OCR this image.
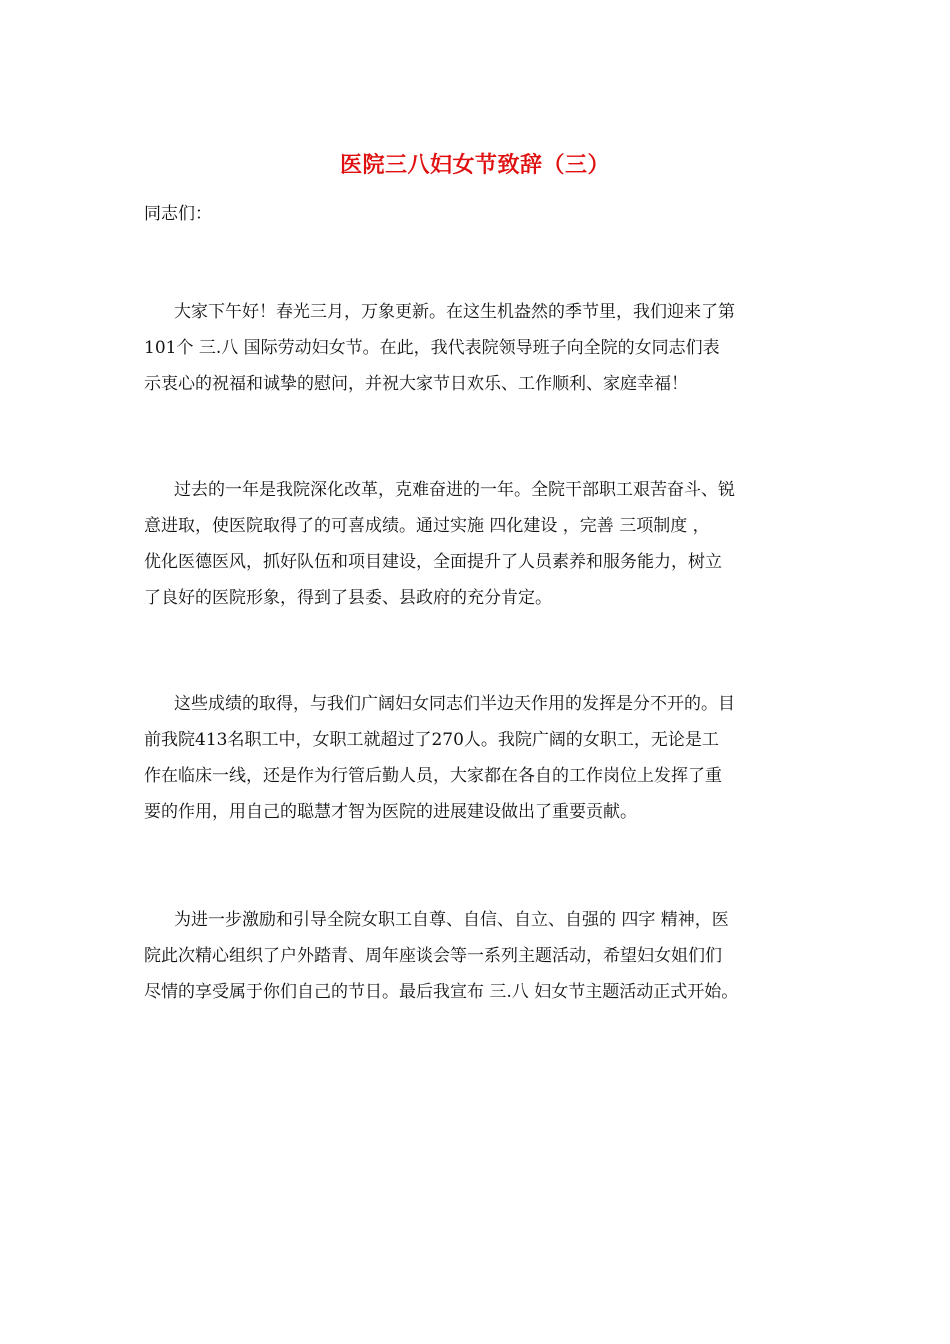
医院三八妇女节致辞（三）
同志们：

大家下午好！春光三月，万象更新。在这生机盎然的季节里，我们迎来了第
101个 三.八 国际劳动妇女节。在此，我代表院领导班子向全院的女同志们表
示衷心的祝福和诚挚的慰问，并祝大家节日欢乐、工作顺利、家庭幸福！

过去的一年是我院深化改革，克难奋进的一年。全院干部职工艰苦奋斗、锐
意进取，使医院取得了的可喜成绩。通过实施 四化建设 ，完善 三项制度 ，
优化医德医风，抓好队伍和项目建设，全面提升了人员素养和服务能力，树立
了良好的医院形象，得到了县委、县政府的充分肯定。

这些成绩的取得，与我们广阔妇女同志们半边天作用的发挥是分不开的。目
前我院413名职工中，女职工就超过了270人。我院广阔的女职工，无论是工
作在临床一线，还是作为行管后勤人员，大家都在各自的工作岗位上发挥了重
要的作用，用自己的聪慧才智为医院的进展建设做出了重要贡献。

为进一步激励和引导全院女职工自尊、自信、自立、自强的 四字 精神，医
院此次精心组织了户外踏青、周年座谈会等一系列主题活动，希望妇女姐们们
尽情的享受属于你们自己的节日。最后我宣布 三.八 妇女节主题活动正式开始。
